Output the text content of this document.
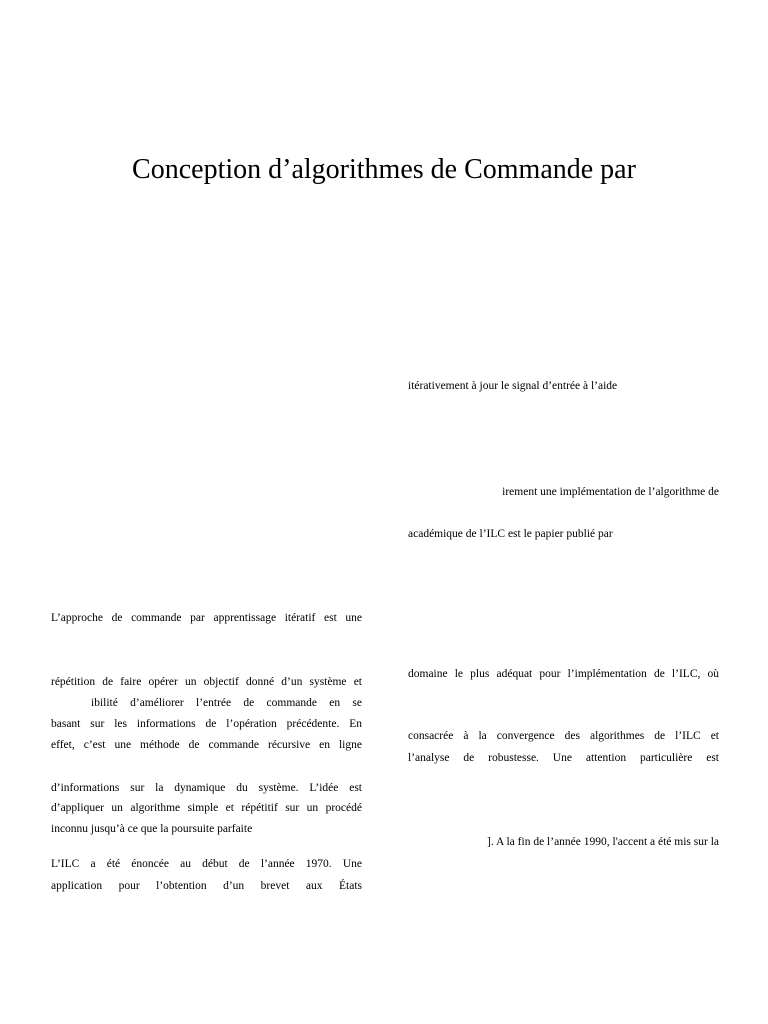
Conception d’algorithmes de Commande par
L’approche de commande par apprentissage itératif est une
répétition de faire opérer un objectif donné d’un système et
ibilité d’améliorer l’entrée de commande en se
basant sur les informations de l’opération précédente. En
effet, c’est une méthode de commande récursive en ligne
d’informations sur la dynamique du système. L’idée est
d’appliquer un algorithme simple et répétitif sur un procédé
inconnu jusqu’à ce que la poursuite parfaite
L’ILC a été énoncée au début de l’année 1970. Une
application pour l’obtention d’un brevet aux États
itérativement à jour le signal d’entrée à l’aide
irement une implémentation de l’algorithme de
académique de l’ILC est le papier publié par
domaine le plus adéquat pour l’implémentation de l’ILC, où
consacrée à la convergence des algorithmes de l’ILC et
l’analyse de robustesse. Une attention particulière est
]. A la fin de l’année 1990, l'accent a été mis sur la
